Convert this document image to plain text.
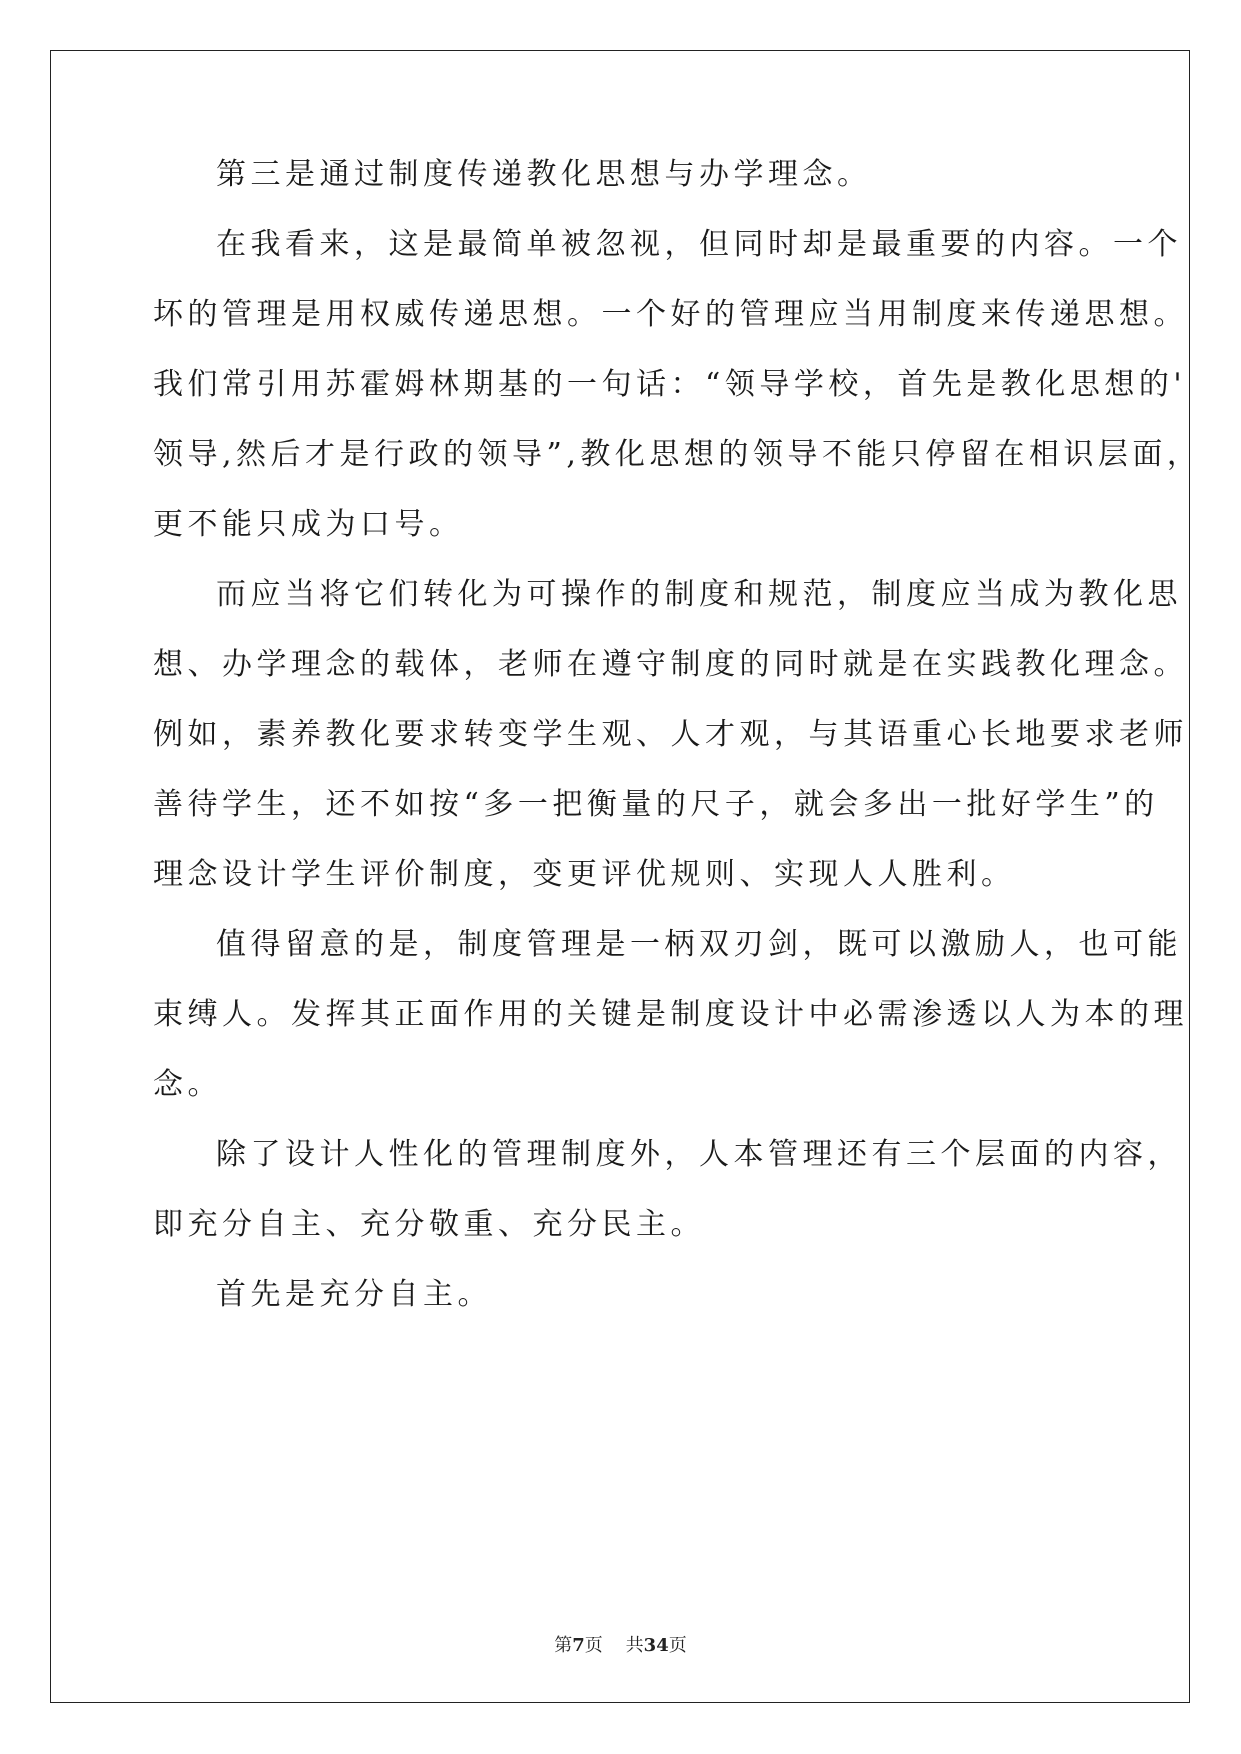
第三是通过制度传递教化思想与办学理念。
在我看来，这是最简单被忽视，但同时却是最重要的内容。一个
坏的管理是用权威传递思想。一个好的管理应当用制度来传递思想。
我们常引用苏霍姆林期基的一句话：“领导学校，首先是教化思想的'
领导,然后才是行政的领导”,教化思想的领导不能只停留在相识层面，
更不能只成为口号。
而应当将它们转化为可操作的制度和规范，制度应当成为教化思
想、办学理念的载体，老师在遵守制度的同时就是在实践教化理念。
例如，素养教化要求转变学生观、人才观，与其语重心长地要求老师
善待学生，还不如按“多一把衡量的尺子，就会多出一批好学生”的
理念设计学生评价制度，变更评优规则、实现人人胜利。
值得留意的是，制度管理是一柄双刃剑，既可以激励人，也可能
束缚人。发挥其正面作用的关键是制度设计中必需渗透以人为本的理
念。
除了设计人性化的管理制度外，人本管理还有三个层面的内容，
即充分自主、充分敬重、充分民主。
首先是充分自主。
第7页 共34页
